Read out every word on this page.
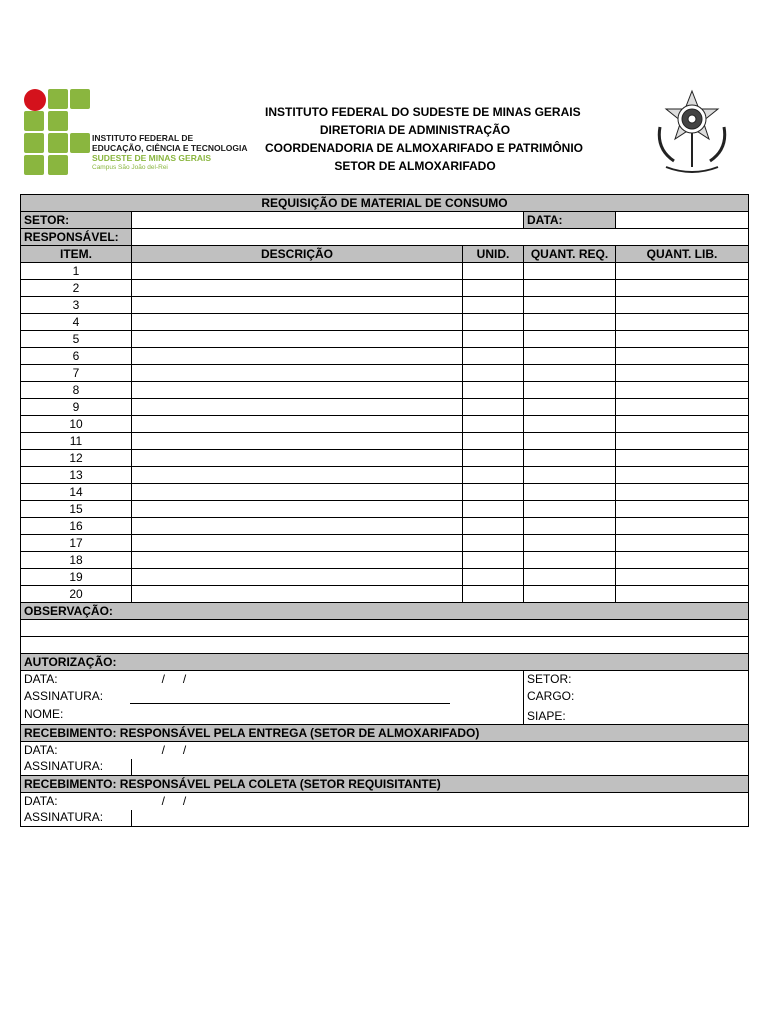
INSTITUTO FEDERAL DE
EDUCAÇÃO, CIÊNCIA E TECNOLOGIA
SUDESTE DE MINAS GERAIS
Campus São João del-Rei
INSTITUTO FEDERAL DO SUDESTE DE MINAS GERAIS
DIRETORIA DE ADMINISTRAÇÃO
COORDENADORIA DE ALMOXARIFADO E PATRIMÔNIO
SETOR DE ALMOXARIFADO
REQUISIÇÃO DE MATERIAL DE CONSUMO				
SETOR:			DATA:	
RESPONSÁVEL:				
ITEM.	DESCRIÇÃO	UNID.	QUANT. REQ.	QUANT. LIB.
1				
2				
3				
4				
5				
6				
7				
8				
9				
10				
11				
12				
13				
14				
15				
16				
17				
18				
19				
20				
OBSERVAÇÃO:				

AUTORIZAÇÃO:				
DATA: / /			SETOR:	
ASSINATURA:			CARGO:	
NOME:			SIAPE:	
RECEBIMENTO: RESPONSÁVEL PELA ENTREGA (SETOR DE ALMOXARIFADO)				
DATA: / /				
ASSINATURA:				
RECEBIMENTO: RESPONSÁVEL PELA COLETA (SETOR REQUISITANTE)				
DATA: / /				
ASSINATURA:				
